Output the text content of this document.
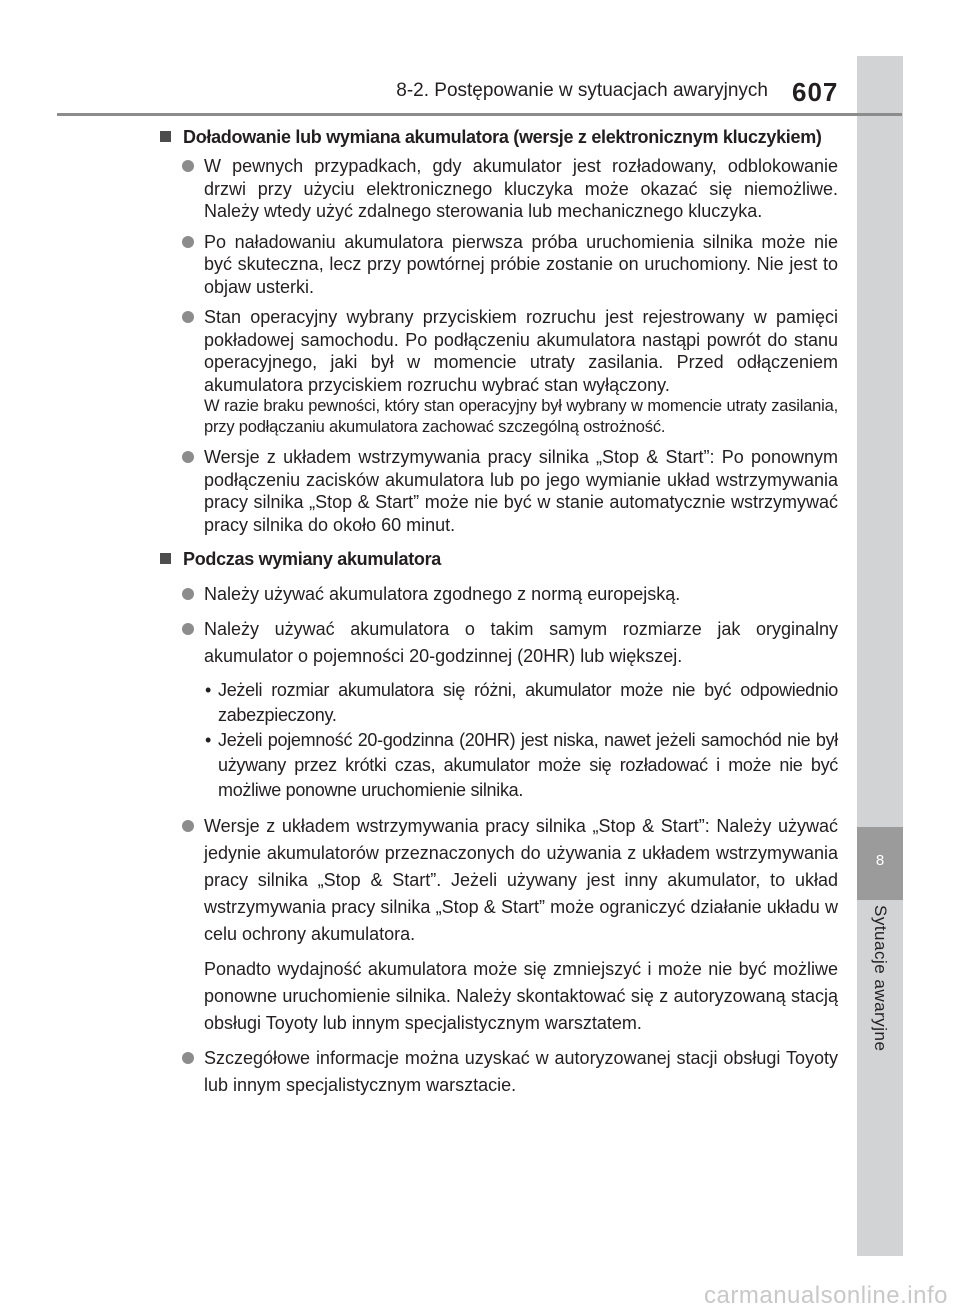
8
Sytuacje awaryjne
8-2. Postępowanie w sytuacjach awaryjnych 607
Doładowanie lub wymiana akumulatora (wersje z elektronicznym kluczykiem)
W pewnych przypadkach, gdy akumulator jest rozładowany, odblokowanie drzwi przy użyciu elektronicznego kluczyka może okazać się niemożliwe. Należy wtedy użyć zdalnego sterowania lub mechanicznego kluczyka.
Po naładowaniu akumulatora pierwsza próba uruchomienia silnika może nie być skuteczna, lecz przy powtórnej próbie zostanie on uruchomiony. Nie jest to objaw usterki.
Stan operacyjny wybrany przyciskiem rozruchu jest rejestrowany w pamięci pokładowej samochodu. Po podłączeniu akumulatora nastąpi powrót do stanu operacyjnego, jaki był w momencie utraty zasilania. Przed odłączeniem akumulatora przyciskiem rozruchu wybrać stan wyłączony.
W razie braku pewności, który stan operacyjny był wybrany w momencie utraty zasilania, przy podłączaniu akumulatora zachować szczególną ostrożność.
Wersje z układem wstrzymywania pracy silnika „Stop & Start”: Po ponownym podłączeniu zacisków akumulatora lub po jego wymianie układ wstrzymywania pracy silnika „Stop & Start” może nie być w stanie automatycznie wstrzymywać pracy silnika do około 60 minut.
Podczas wymiany akumulatora
Należy używać akumulatora zgodnego z normą europejską.
Należy używać akumulatora o takim samym rozmiarze jak oryginalny akumulator o pojemności 20-godzinnej (20HR) lub większej.
• Jeżeli rozmiar akumulatora się różni, akumulator może nie być odpowiednio zabezpieczony.
• Jeżeli pojemność 20-godzinna (20HR) jest niska, nawet jeżeli samochód nie był używany przez krótki czas, akumulator może się rozładować i może nie być możliwe ponowne uruchomienie silnika.
Wersje z układem wstrzymywania pracy silnika „Stop & Start”: Należy używać jedynie akumulatorów przeznaczonych do używania z układem wstrzymywania pracy silnika „Stop & Start”. Jeżeli używany jest inny akumulator, to układ wstrzymywania pracy silnika „Stop & Start” może ograniczyć działanie układu w celu ochrony akumulatora.
Ponadto wydajność akumulatora może się zmniejszyć i może nie być możliwe ponowne uruchomienie silnika. Należy skontaktować się z autoryzowaną stacją obsługi Toyoty lub innym specjalistycznym warsztatem.
Szczegółowe informacje można uzyskać w autoryzowanej stacji obsługi Toyoty lub innym specjalistycznym warsztacie.
carmanualsonline.info
